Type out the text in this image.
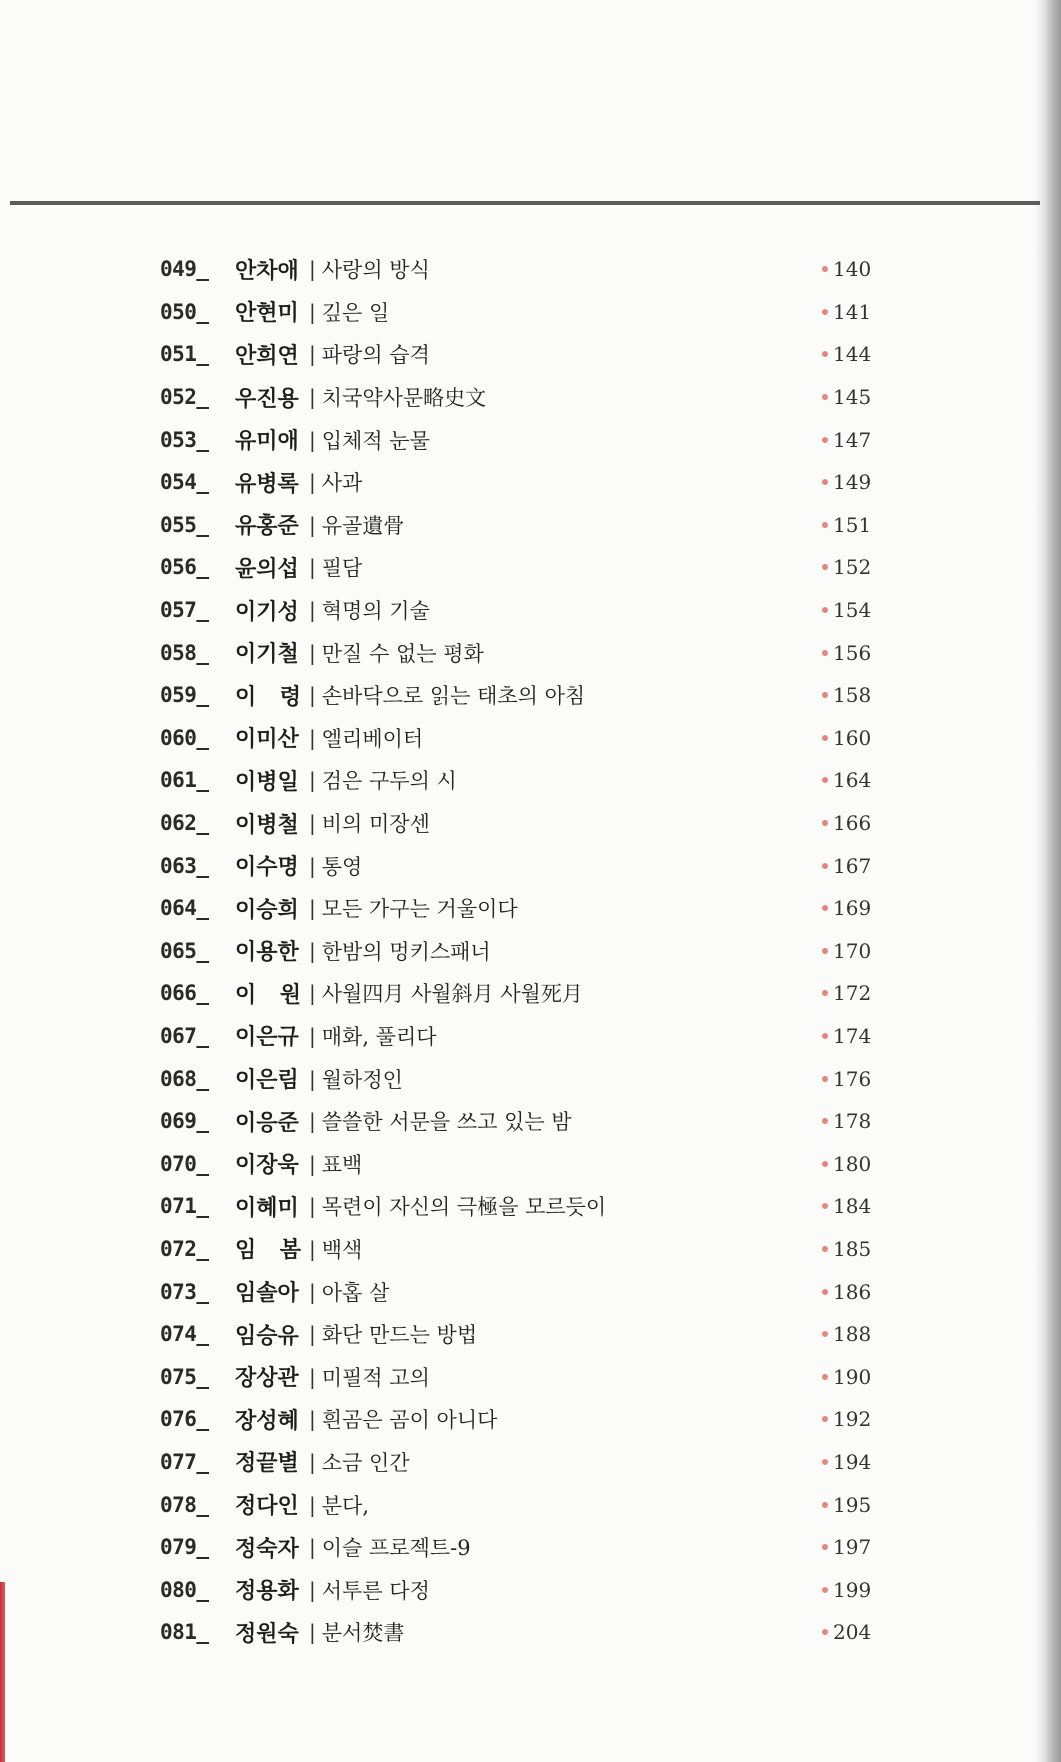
049_	안차애 | 사랑의 방식	140
050_	안현미 | 깊은 일	141
051_	안희연 | 파랑의 습격	144
052_	우진용 | 치국약사문略史文	145
053_	유미애 | 입체적 눈물	147
054_	유병록 | 사과	149
055_	유홍준 | 유골遺骨	151
056_	윤의섭 | 필담	152
057_	이기성 | 혁명의 기술	154
058_	이기철 | 만질 수 없는 평화	156
059_	이 령 | 손바닥으로 읽는 태초의 아침	158
060_	이미산 | 엘리베이터	160
061_	이병일 | 검은 구두의 시	164
062_	이병철 | 비의 미장센	166
063_	이수명 | 통영	167
064_	이승희 | 모든 가구는 거울이다	169
065_	이용한 | 한밤의 멍키스패너	170
066_	이 원 | 사월四月 사월斜月 사월死月	172
067_	이은규 | 매화, 풀리다	174
068_	이은림 | 월하정인	176
069_	이응준 | 쓸쓸한 서문을 쓰고 있는 밤	178
070_	이장욱 | 표백	180
071_	이혜미 | 목련이 자신의 극極을 모르듯이	184
072_	임 봄 | 백색	185
073_	임솔아 | 아홉 살	186
074_	임승유 | 화단 만드는 방법	188
075_	장상관 | 미필적 고의	190
076_	장성혜 | 흰곰은 곰이 아니다	192
077_	정끝별 | 소금 인간	194
078_	정다인 | 분다,	195
079_	정숙자 | 이슬 프로젝트-9	197
080_	정용화 | 서투른 다정	199
081_	정원숙 | 분서焚書	204
